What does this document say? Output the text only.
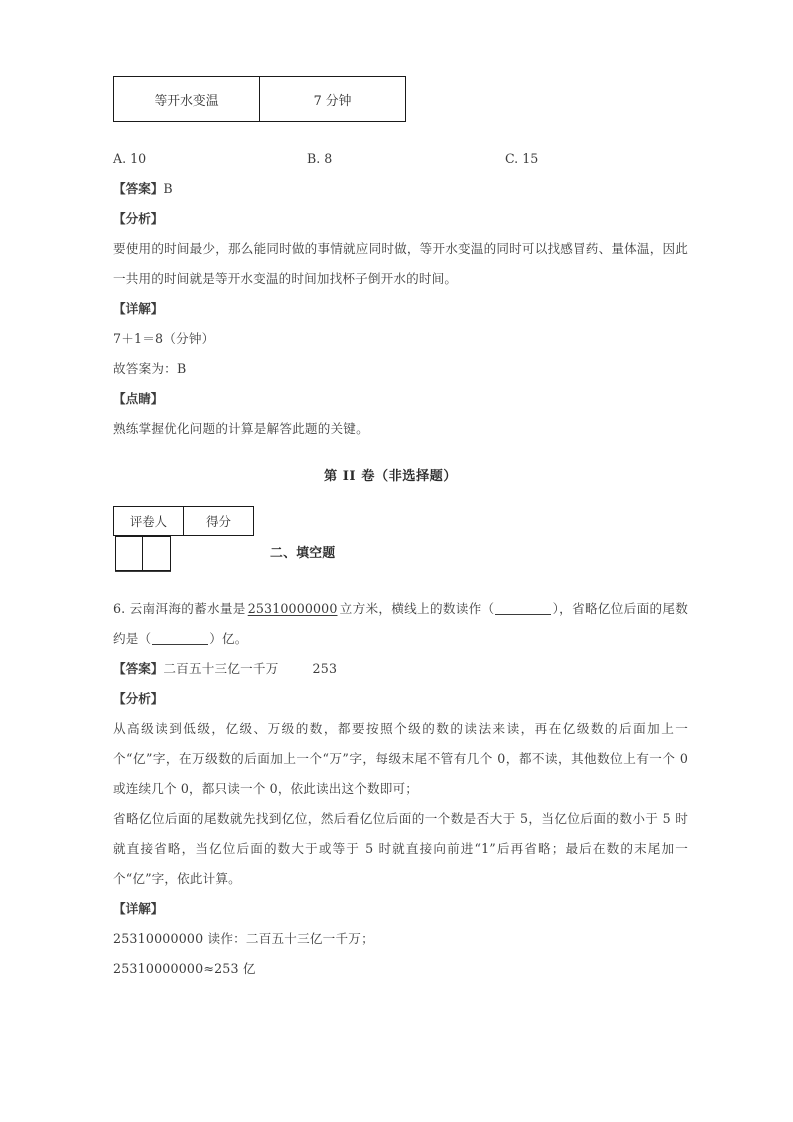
等开水变温	7 分钟
A. 10	B. 8	C. 15
【答案】B
【分析】
要使用的时间最少，那么能同时做的事情就应同时做，等开水变温的同时可以找感冒药、量体温，因此一共用的时间就是等开水变温的时间加找杯子倒开水的时间。
【详解】
7＋1＝8（分钟）
故答案为：B
【点睛】
熟练掌握优化问题的计算是解答此题的关键。
第 II 卷（非选择题）
评卷人	得分

二、填空题
6. 云南洱海的蓄水量是 25310000000 立方米，横线上的数读作（	），省略亿位后面的尾数约是（	）亿。
【答案】二百五十三亿一千万	253
【分析】
从高级读到低级，亿级、万级的数，都要按照个级的数的读法来读，再在亿级数的后面加上一个“亿”字，在万级数的后面加上一个“万”字，每级末尾不管有几个 0，都不读，其他数位上有一个 0 或连续几个 0，都只读一个 0，依此读出这个数即可；
省略亿位后面的尾数就先找到亿位，然后看亿位后面的一个数是否大于 5，当亿位后面的数小于 5 时就直接省略，当亿位后面的数大于或等于 5 时就直接向前进“1”后再省略；最后在数的末尾加一个“亿”字，依此计算。
【详解】
25310000000 读作：二百五十三亿一千万；
25310000000≈253 亿
